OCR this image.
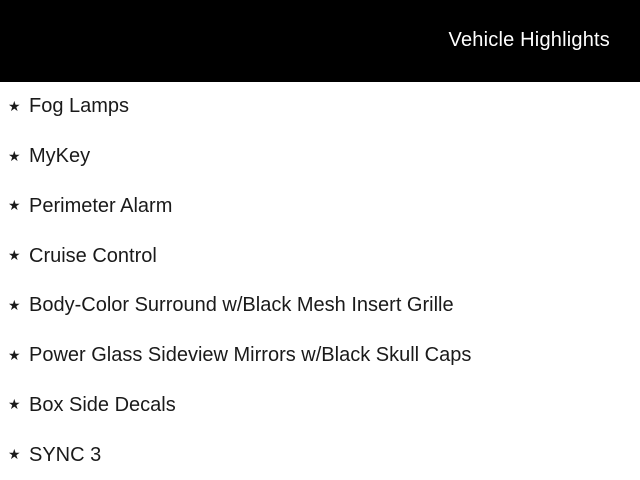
Vehicle Highlights
★ Fog Lamps
★ MyKey
★ Perimeter Alarm
★ Cruise Control
★ Body-Color Surround w/Black Mesh Insert Grille
★ Power Glass Sideview Mirrors w/Black Skull Caps
★ Box Side Decals
★ SYNC 3
